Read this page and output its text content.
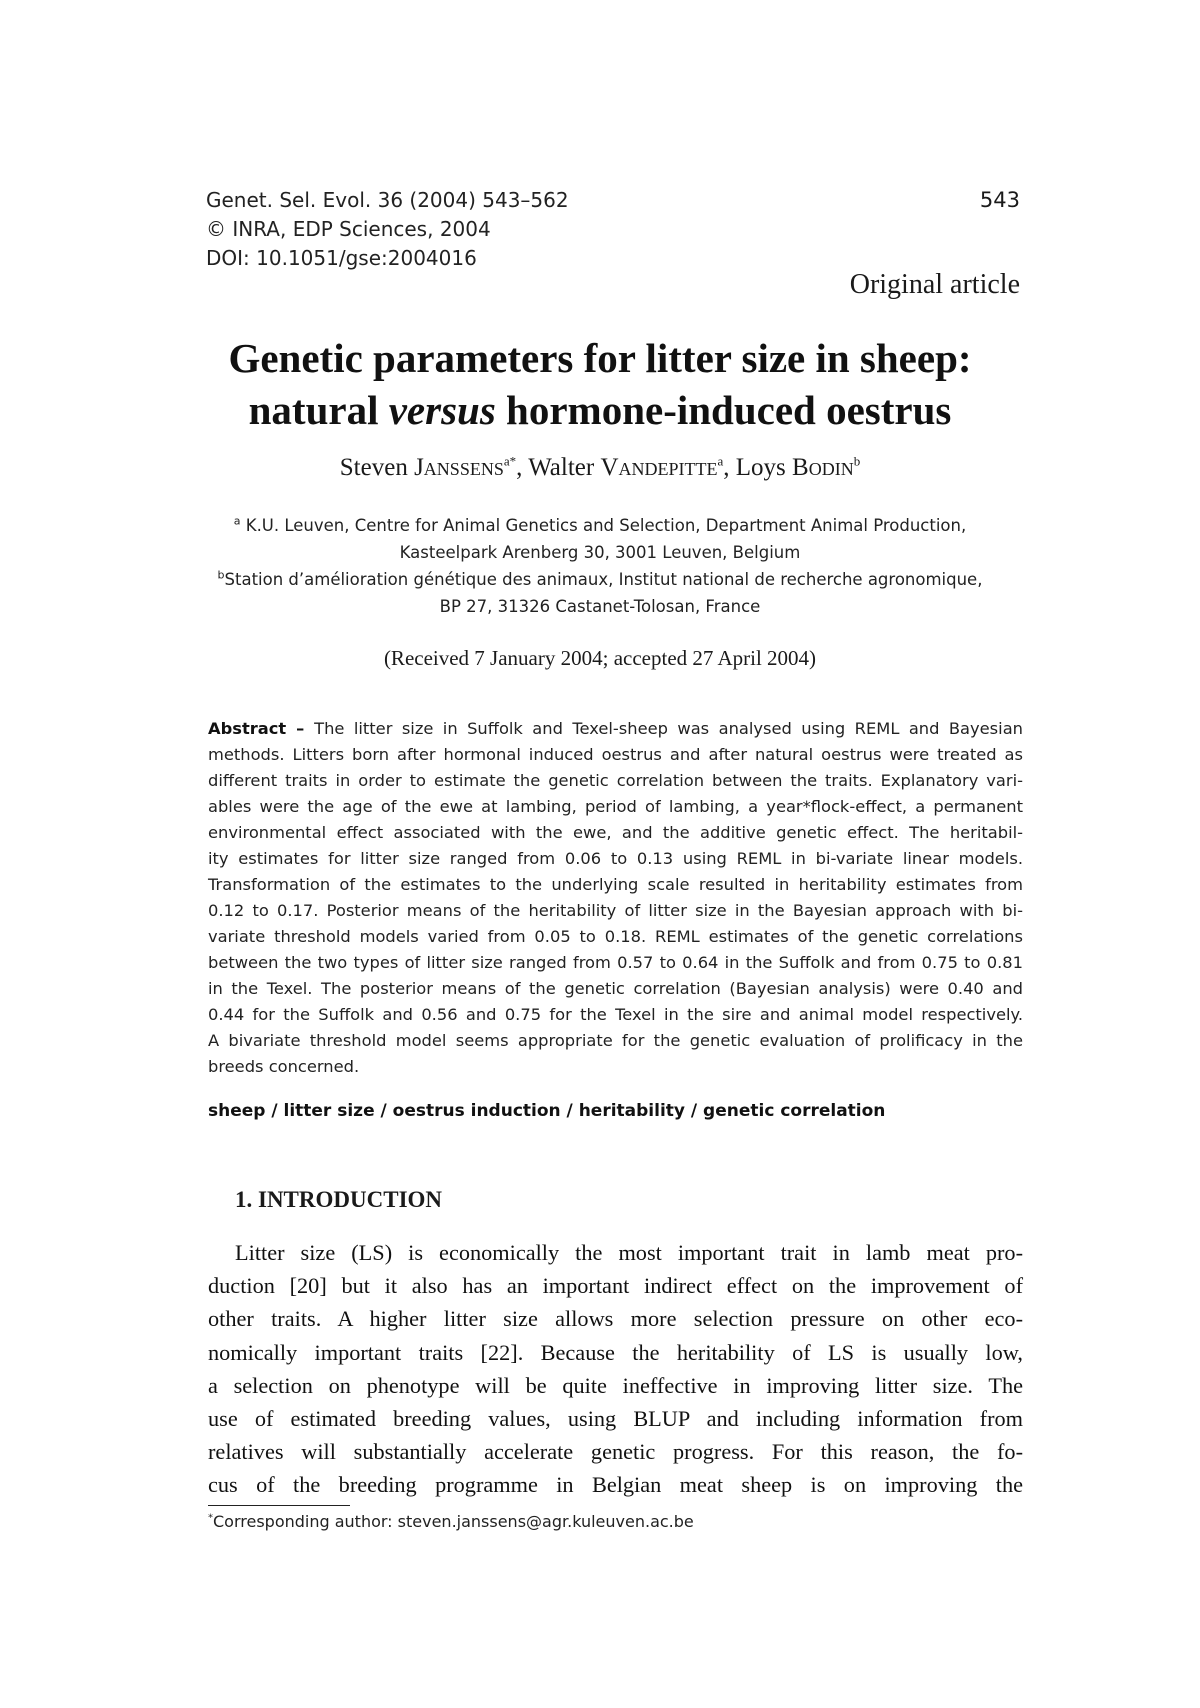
Genet. Sel. Evol. 36 (2004) 543–562
© INRA, EDP Sciences, 2004
DOI: 10.1051/gse:2004016
543
Original article
Genetic parameters for litter size in sheep:
natural versus hormone-induced oestrus
Steven Janssens$^{a*}$, Walter Vandepitte$^a$, Loys Bodin$^b$
$^a$ K.U. Leuven, Centre for Animal Genetics and Selection, Department Animal Production,
Kasteelpark Arenberg 30, 3001 Leuven, Belgium
$^b$Station d’amélioration génétique des animaux, Institut national de recherche agronomique,
BP 27, 31326 Castanet-Tolosan, France
(Received 7 January 2004; accepted 27 April 2004)
Abstract – The litter size in Suffolk and Texel-sheep was analysed using REML and Bayesian
methods. Litters born after hormonal induced oestrus and after natural oestrus were treated as
different traits in order to estimate the genetic correlation between the traits. Explanatory vari-
ables were the age of the ewe at lambing, period of lambing, a year*flock-effect, a permanent
environmental effect associated with the ewe, and the additive genetic effect. The heritabil-
ity estimates for litter size ranged from 0.06 to 0.13 using REML in bi-variate linear models.
Transformation of the estimates to the underlying scale resulted in heritability estimates from
0.12 to 0.17. Posterior means of the heritability of litter size in the Bayesian approach with bi-
variate threshold models varied from 0.05 to 0.18. REML estimates of the genetic correlations
between the two types of litter size ranged from 0.57 to 0.64 in the Suffolk and from 0.75 to 0.81
in the Texel. The posterior means of the genetic correlation (Bayesian analysis) were 0.40 and
0.44 for the Suffolk and 0.56 and 0.75 for the Texel in the sire and animal model respectively.
A bivariate threshold model seems appropriate for the genetic evaluation of prolificacy in the
breeds concerned.
sheep / litter size / oestrus induction / heritability / genetic correlation
1. INTRODUCTION
Litter size (LS) is economically the most important trait in lamb meat pro-
duction [20] but it also has an important indirect effect on the improvement of
other traits. A higher litter size allows more selection pressure on other eco-
nomically important traits [22]. Because the heritability of LS is usually low,
a selection on phenotype will be quite ineffective in improving litter size. The
use of estimated breeding values, using BLUP and including information from
relatives will substantially accelerate genetic progress. For this reason, the fo-
cus of the breeding programme in Belgian meat sheep is on improving the
*Corresponding author: steven.janssens@agr.kuleuven.ac.be
